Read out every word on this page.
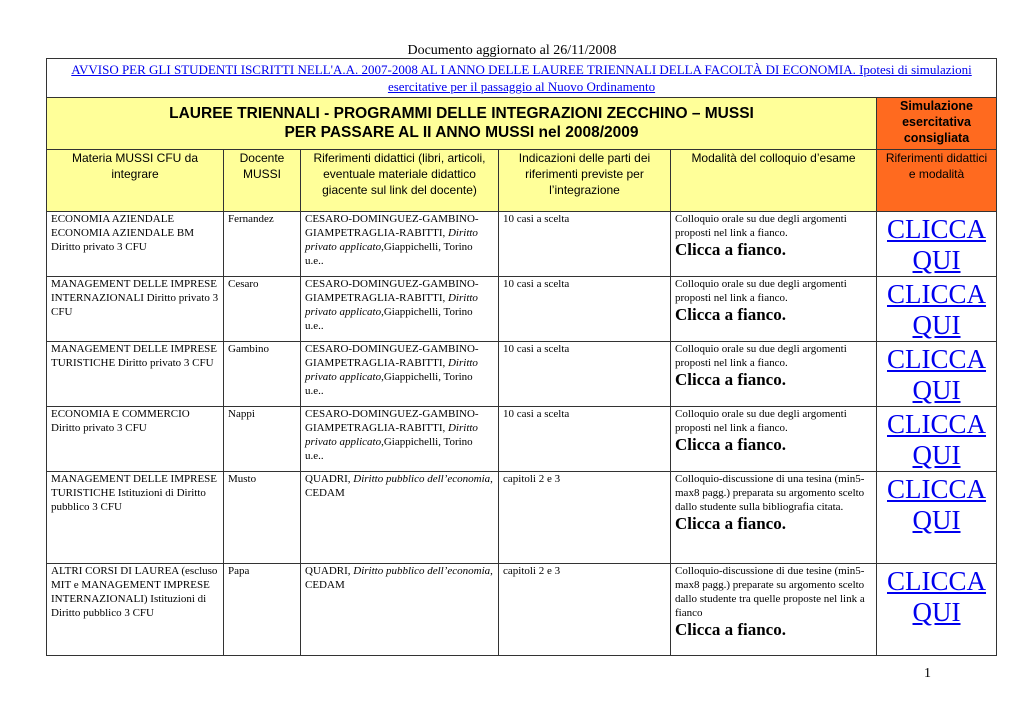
Documento aggiornato al 26/11/2008
AVVISO PER GLI STUDENTI ISCRITTI NELL'A.A. 2007-2008 AL I ANNO DELLE LAUREE TRIENNALI DELLA FACOLTÀ DI ECONOMIA. Ipotesi di simulazioni esercitative per il passaggio al Nuovo Ordinamento					

LAUREE TRIENNALI - PROGRAMMI DELLE INTEGRAZIONI ZECCHINO – MUSSI
PER PASSARE AL II ANNO MUSSI nel 2008/2009					Simulazione esercitativa consigliata
Materia MUSSI CFU da integrare	Docente MUSSI	Riferimenti didattici (libri, articoli, eventuale materiale didattico giacente sul link del docente)	Indicazioni delle parti dei riferimenti previste per l’integrazione	Modalità del colloquio d’esame	Riferimenti didattici e modalità
ECONOMIA AZIENDALE ECONOMIA AZIENDALE BM Diritto privato 3 CFU	Fernandez	CESARO-DOMINGUEZ-GAMBINO-GIAMPETRAGLIA-RABITTI, Diritto privato applicato,Giappichelli, Torino u.e..	10 casi a scelta	Colloquio orale su due degli argomenti proposti nel link a fianco.
Clicca a fianco.	CLICCA QUI

MANAGEMENT DELLE IMPRESE INTERNAZIONALI Diritto privato 3 CFU	Cesaro	CESARO-DOMINGUEZ-GAMBINO-GIAMPETRAGLIA-RABITTI, Diritto privato applicato,Giappichelli, Torino u.e..	10 casi a scelta	Colloquio orale su due degli argomenti proposti nel link a fianco.
Clicca a fianco.	CLICCA QUI

MANAGEMENT DELLE IMPRESE TURISTICHE Diritto privato 3 CFU	Gambino	CESARO-DOMINGUEZ-GAMBINO-GIAMPETRAGLIA-RABITTI, Diritto privato applicato,Giappichelli, Torino u.e..	10 casi a scelta	Colloquio orale su due degli argomenti proposti nel link a fianco.
Clicca a fianco.	CLICCA QUI

ECONOMIA E COMMERCIO Diritto privato 3 CFU	Nappi	CESARO-DOMINGUEZ-GAMBINO-GIAMPETRAGLIA-RABITTI, Diritto privato applicato,Giappichelli, Torino u.e..	10 casi a scelta	Colloquio orale su due degli argomenti proposti nel link a fianco.
Clicca a fianco.	CLICCA QUI

MANAGEMENT DELLE IMPRESE TURISTICHE Istituzioni di Diritto pubblico 3 CFU	Musto	QUADRI, Diritto pubblico dell’economia, CEDAM	capitoli 2 e 3	Colloquio-discussione di una tesina (min5-max8 pagg.) preparata su argomento scelto dallo studente sulla bibliografia citata.
Clicca a fianco.	CLICCA QUI

ALTRI CORSI DI LAUREA (escluso MIT e MANAGEMENT IMPRESE INTERNAZIONALI) Istituzioni di Diritto pubblico 3 CFU	Papa	QUADRI, Diritto pubblico dell’economia, CEDAM	capitoli 2 e 3	Colloquio-discussione di due tesine (min5-max8 pagg.) preparate su argomento scelto dallo studente tra quelle proposte nel link a fianco
Clicca a fianco.	CLICCA QUI
1
